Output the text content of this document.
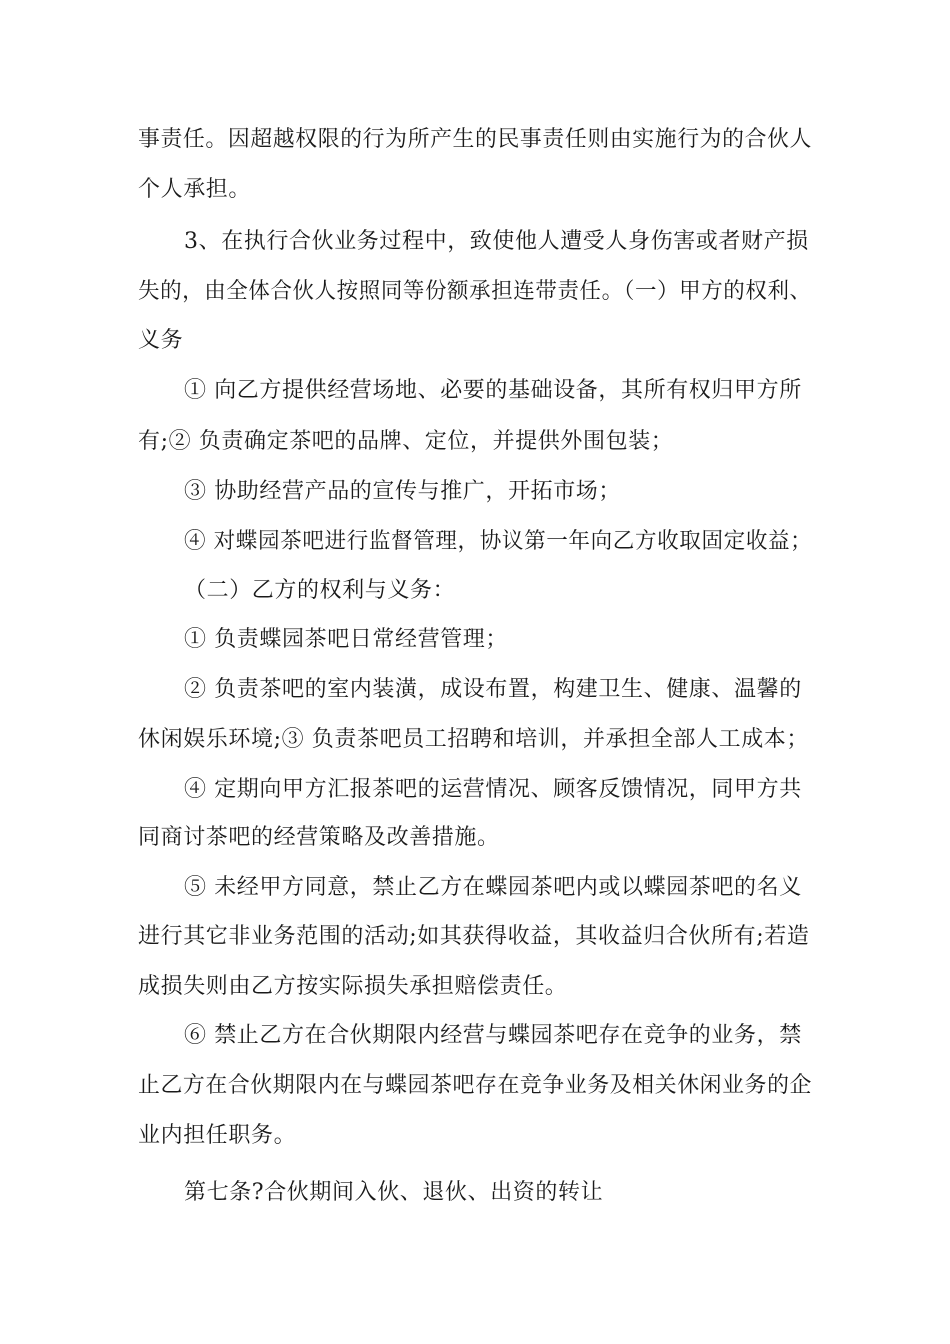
事责任。因超越权限的行为所产生的民事责任则由实施行为的合伙人
个人承担。
3、在执行合伙业务过程中，致使他人遭受人身伤害或者财产损
失的，由全体合伙人按照同等份额承担连带责任。（一）甲方的权利、
义务
① 向乙方提供经营场地、必要的基础设备，其所有权归甲方所
有;② 负责确定茶吧的品牌、定位，并提供外围包装；
③ 协助经营产品的宣传与推广，开拓市场；
④ 对蝶园茶吧进行监督管理，协议第一年向乙方收取固定收益；
（二）乙方的权利与义务：
① 负责蝶园茶吧日常经营管理；
② 负责茶吧的室内装潢，成设布置，构建卫生、健康、温馨的
休闲娱乐环境;③ 负责茶吧员工招聘和培训，并承担全部人工成本；
④ 定期向甲方汇报茶吧的运营情况、顾客反馈情况，同甲方共
同商讨茶吧的经营策略及改善措施。
⑤ 未经甲方同意，禁止乙方在蝶园茶吧内或以蝶园茶吧的名义
进行其它非业务范围的活动;如其获得收益，其收益归合伙所有;若造
成损失则由乙方按实际损失承担赔偿责任。
⑥ 禁止乙方在合伙期限内经营与蝶园茶吧存在竞争的业务，禁
止乙方在合伙期限内在与蝶园茶吧存在竞争业务及相关休闲业务的企
业内担任职务。
第七条?合伙期间入伙、退伙、出资的转让
